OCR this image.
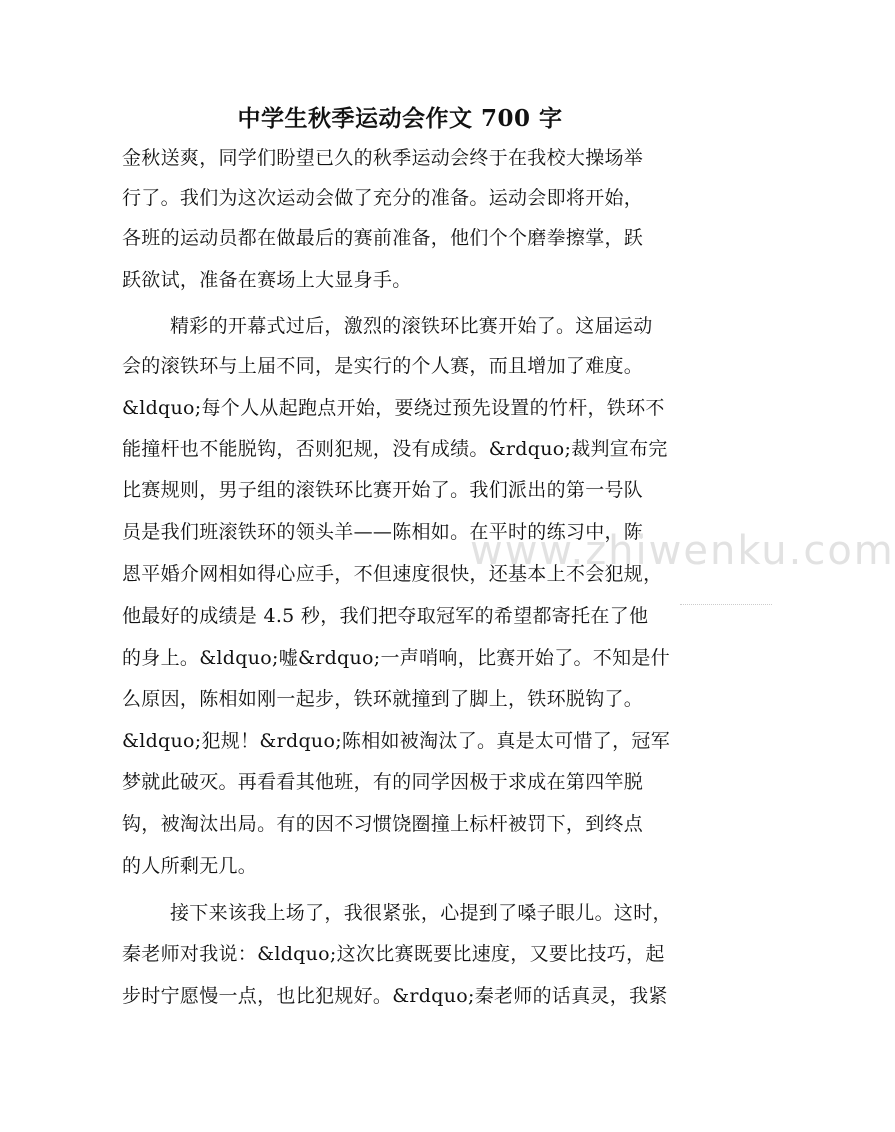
中学生秋季运动会作文 700 字
金秋送爽，同学们盼望已久的秋季运动会终于在我校大操场举
行了。我们为这次运动会做了充分的准备。运动会即将开始，
各班的运动员都在做最后的赛前准备，他们个个磨拳擦掌，跃
跃欲试，准备在赛场上大显身手。
精彩的开幕式过后，激烈的滚铁环比赛开始了。这届运动
会的滚铁环与上届不同，是实行的个人赛，而且增加了难度。
&ldquo;每个人从起跑点开始，要绕过预先设置的竹杆，铁环不
能撞杆也不能脱钩，否则犯规，没有成绩。&rdquo;裁判宣布完
比赛规则，男子组的滚铁环比赛开始了。我们派出的第一号队
员是我们班滚铁环的领头羊——陈相如。在平时的练习中，陈
恩平婚介网相如得心应手，不但速度很快，还基本上不会犯规，
他最好的成绩是 4.5 秒，我们把夺取冠军的希望都寄托在了他
的身上。&ldquo;嘘&rdquo;一声哨响，比赛开始了。不知是什
么原因，陈相如刚一起步，铁环就撞到了脚上，铁环脱钩了。
&ldquo;犯规！&rdquo;陈相如被淘汰了。真是太可惜了，冠军
梦就此破灭。再看看其他班，有的同学因极于求成在第四竿脱
钩，被淘汰出局。有的因不习惯饶圈撞上标杆被罚下，到终点
的人所剩无几。
接下来该我上场了，我很紧张，心提到了嗓子眼儿。这时，
秦老师对我说：&ldquo;这次比赛既要比速度，又要比技巧，起
步时宁愿慢一点，也比犯规好。&rdquo;秦老师的话真灵，我紧
www.zhiwenku.com
